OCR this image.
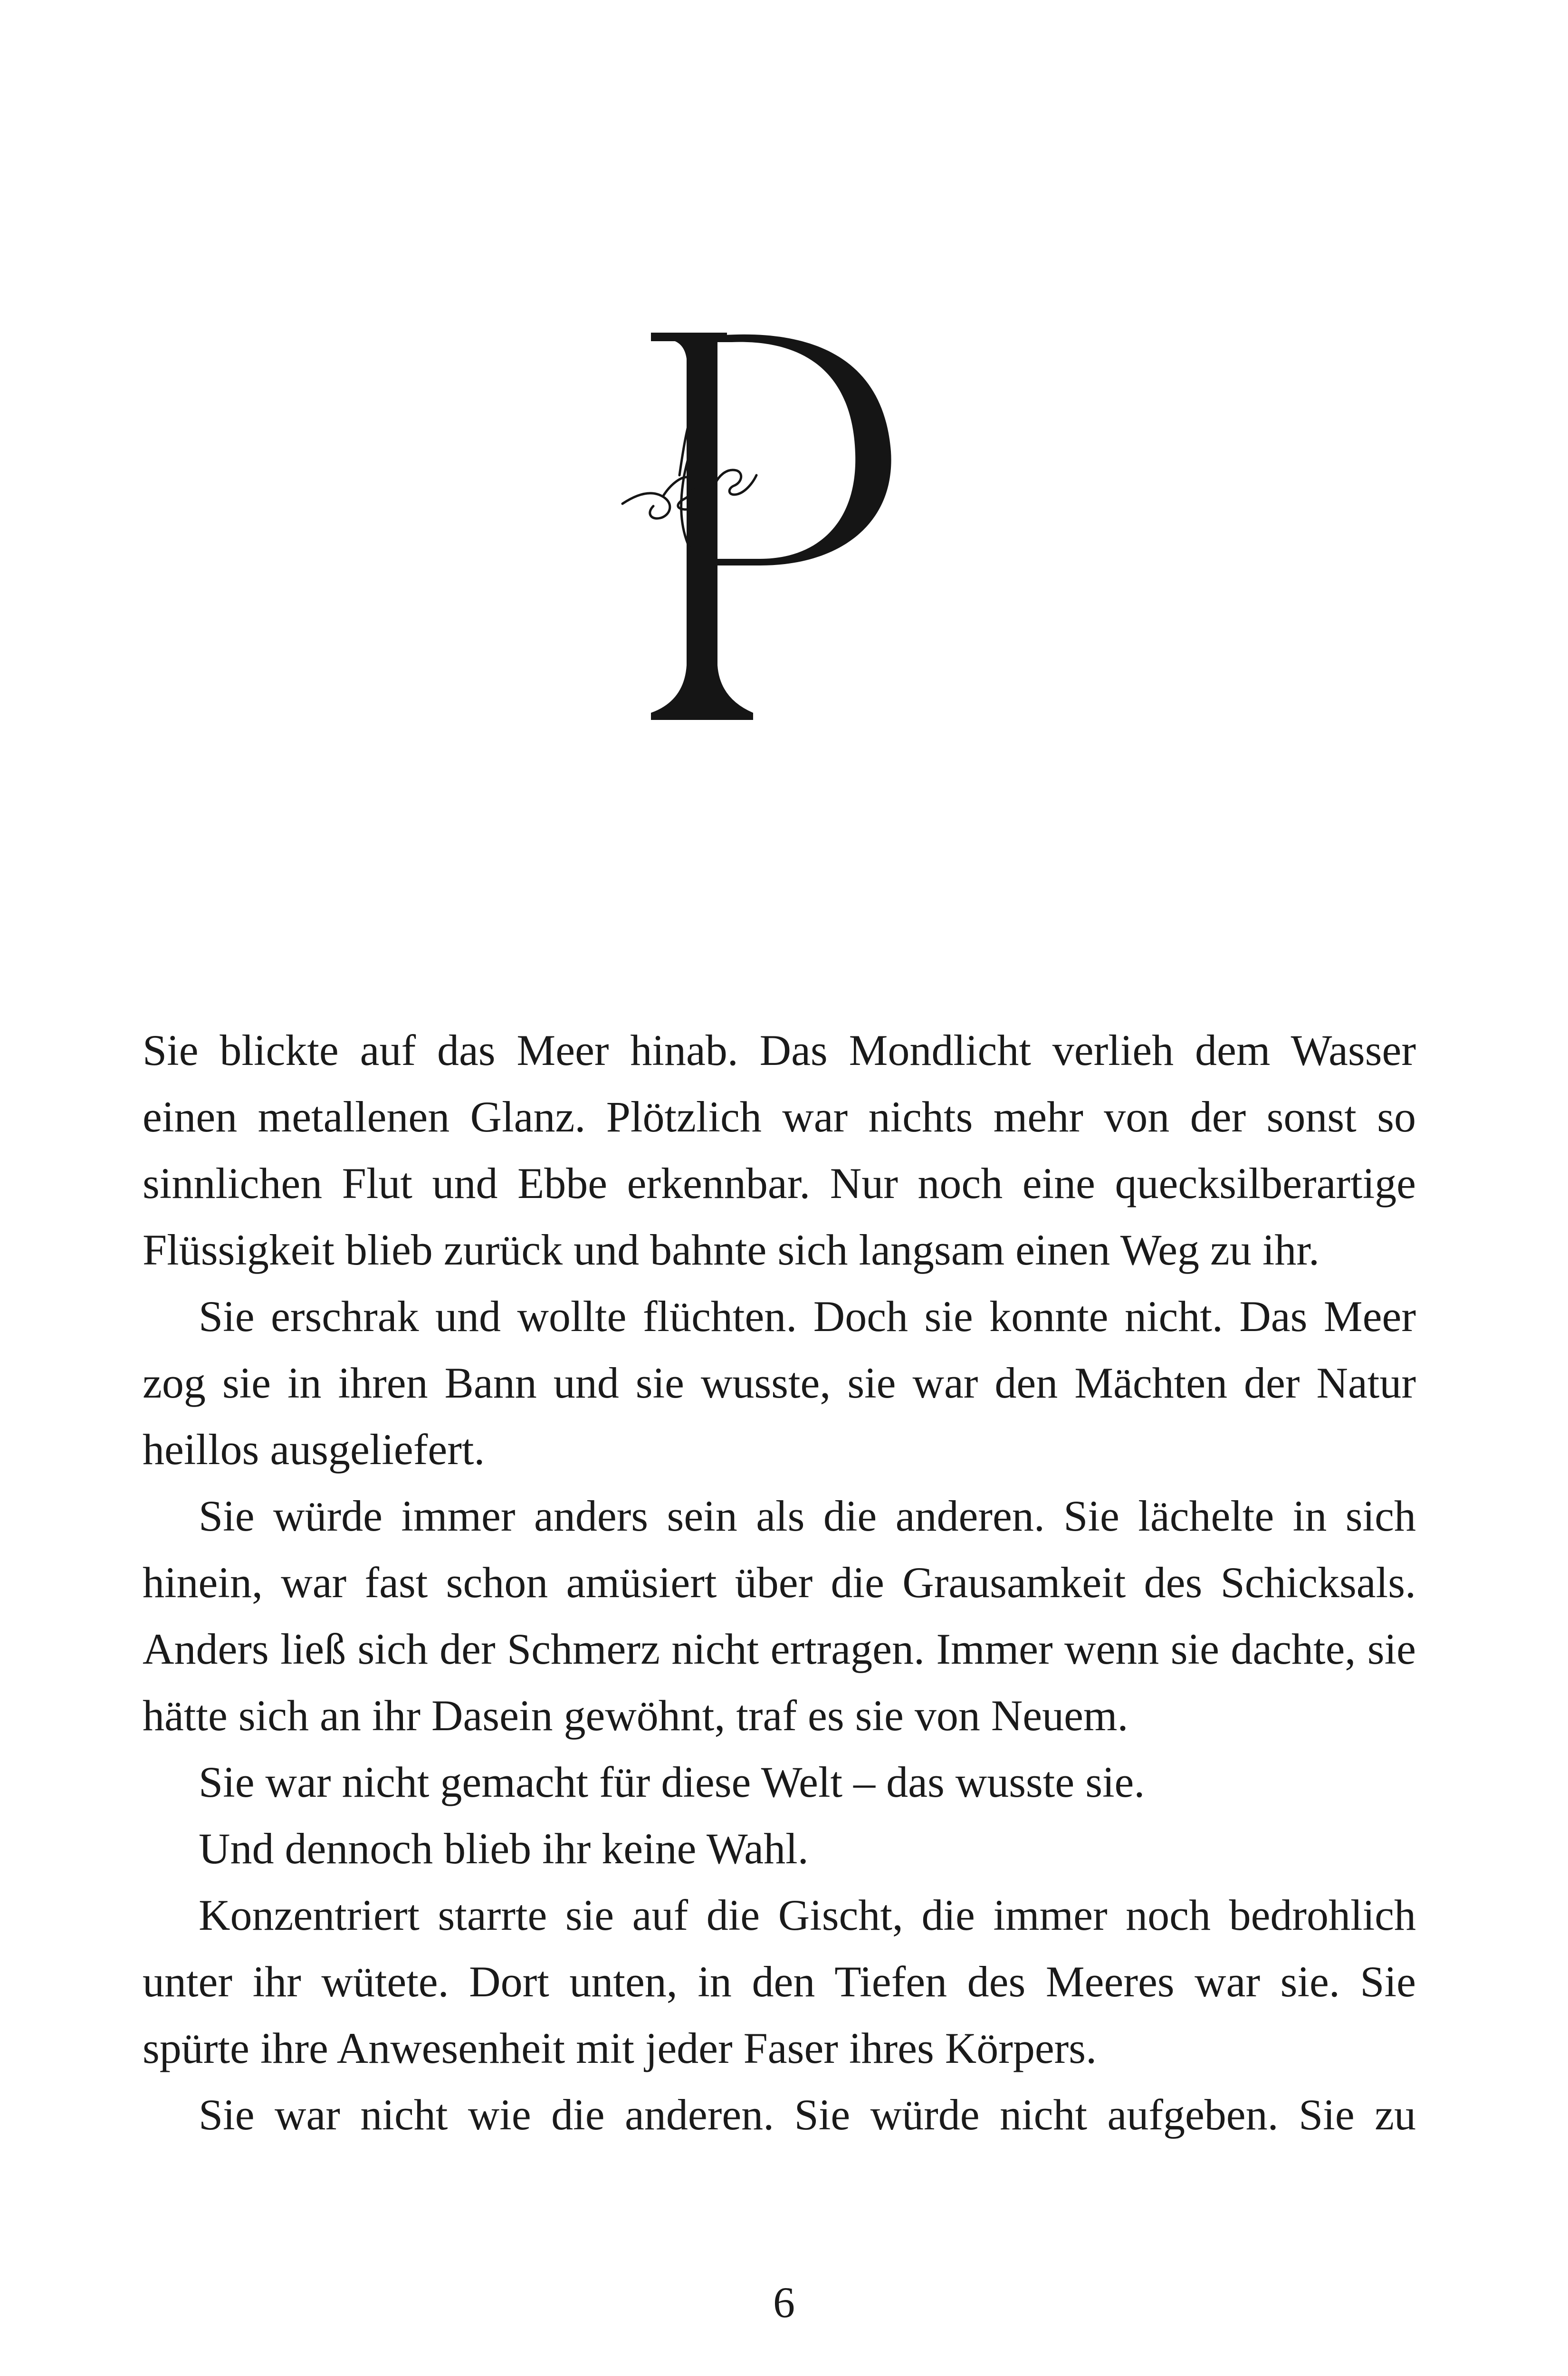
Sie blickte auf das Meer hinab. Das Mondlicht verlieh dem Wasser einen metallenen Glanz. Plötzlich war nichts mehr von der sonst so sinnlichen Flut und Ebbe erkennbar. Nur noch eine quecksilberartige Flüssigkeit blieb zurück und bahnte sich langsam einen Weg zu ihr.

Sie erschrak und wollte flüchten. Doch sie konnte nicht. Das Meer zog sie in ihren Bann und sie wusste, sie war den Mächten der Natur heillos ausgeliefert.

Sie würde immer anders sein als die anderen. Sie lächelte in sich hinein, war fast schon amüsiert über die Grausamkeit des Schicksals. Anders ließ sich der Schmerz nicht ertragen. Immer wenn sie dachte, sie hätte sich an ihr Dasein gewöhnt, traf es sie von Neuem.

Sie war nicht gemacht für diese Welt – das wusste sie.

Und dennoch blieb ihr keine Wahl.

Konzentriert starrte sie auf die Gischt, die immer noch bedrohlich unter ihr wütete. Dort unten, in den Tiefen des Meeres war sie. Sie spürte ihre Anwesenheit mit jeder Faser ihres Körpers.

Sie war nicht wie die anderen. Sie würde nicht aufgeben. Sie zu

6
